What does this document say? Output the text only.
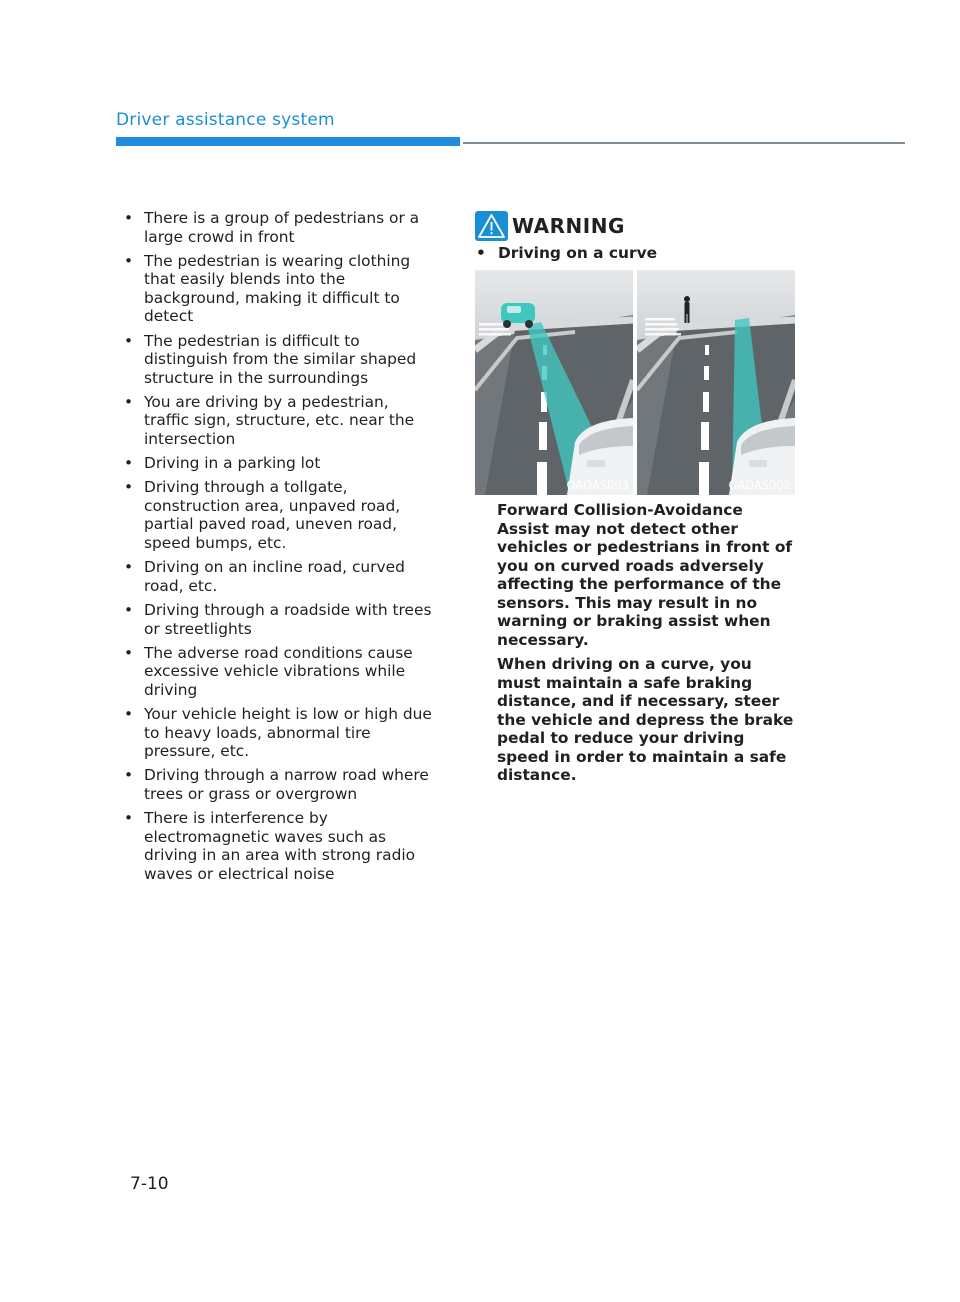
Driver assistance system
• There is a group of pedestrians or a large crowd in front
• The pedestrian is wearing clothing that easily blends into the background, making it difficult to detect
• The pedestrian is difficult to distinguish from the similar shaped structure in the surroundings
• You are driving by a pedestrian, traffic sign, structure, etc. near the intersection
• Driving in a parking lot
• Driving through a tollgate, construction area, unpaved road, partial paved road, uneven road, speed bumps, etc.
• Driving on an incline road, curved road, etc.
• Driving through a roadside with trees or streetlights
• The adverse road conditions cause excessive vehicle vibrations while driving
• Your vehicle height is low or high due to heavy loads, abnormal tire pressure, etc.
• Driving through a narrow road where trees or grass or overgrown
• There is interference by electromagnetic waves such as driving in an area with strong radio waves or electrical noise
WARNING
• Driving on a curve
OADAS003	OADAS002

Forward Collision-Avoidance Assist may not detect other vehicles or pedestrians in front of you on curved roads adversely affecting the performance of the sensors. This may result in no warning or braking assist when necessary.

When driving on a curve, you must maintain a safe braking distance, and if necessary, steer the vehicle and depress the brake pedal to reduce your driving speed in order to maintain a safe distance.

7-10
